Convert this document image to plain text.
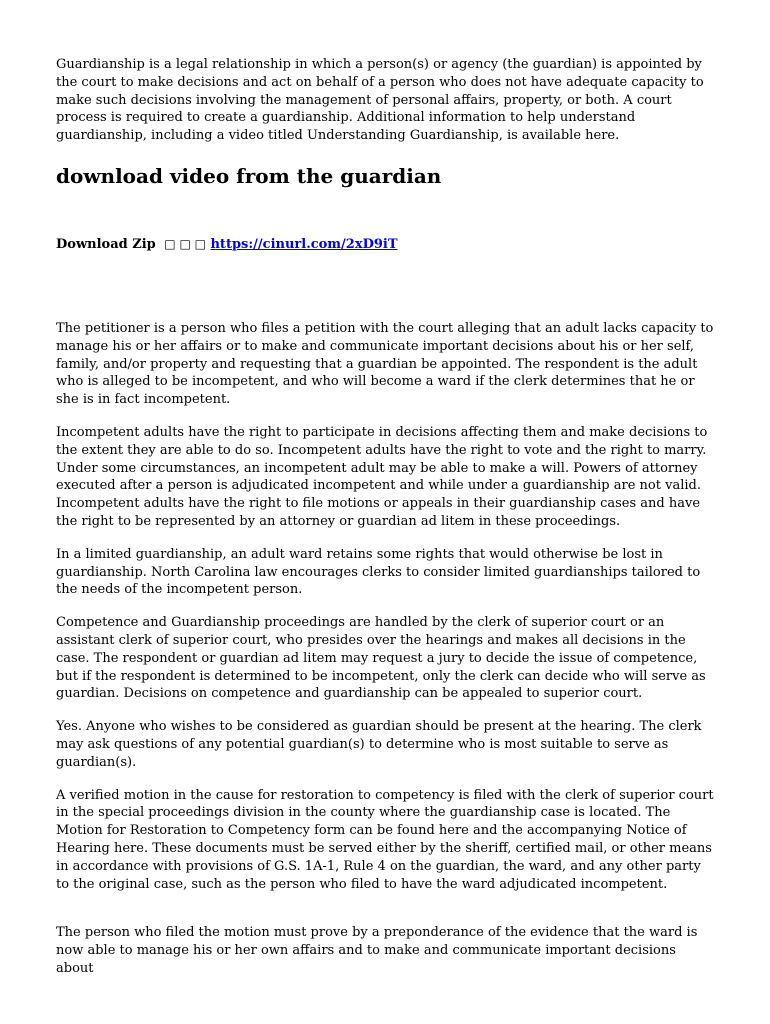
Guardianship is a legal relationship in which a person(s) or agency (the guardian) is appointed by the court to make decisions and act on behalf of a person who does not have adequate capacity to make such decisions involving the management of personal affairs, property, or both. A court process is required to create a guardianship. Additional information to help understand guardianship, including a video titled Understanding Guardianship, is available here.

download video from the guardian
Download Zip □ □ □ https://cinurl.com/2xD9iT

The petitioner is a person who files a petition with the court alleging that an adult lacks capacity to manage his or her affairs or to make and communicate important decisions about his or her self, family, and/or property and requesting that a guardian be appointed. The respondent is the adult who is alleged to be incompetent, and who will become a ward if the clerk determines that he or she is in fact incompetent.

Incompetent adults have the right to participate in decisions affecting them and make decisions to the extent they are able to do so. Incompetent adults have the right to vote and the right to marry. Under some circumstances, an incompetent adult may be able to make a will. Powers of attorney executed after a person is adjudicated incompetent and while under a guardianship are not valid. Incompetent adults have the right to file motions or appeals in their guardianship cases and have the right to be represented by an attorney or guardian ad litem in these proceedings.

In a limited guardianship, an adult ward retains some rights that would otherwise be lost in guardianship. North Carolina law encourages clerks to consider limited guardianships tailored to the needs of the incompetent person.

Competence and Guardianship proceedings are handled by the clerk of superior court or an assistant clerk of superior court, who presides over the hearings and makes all decisions in the case. The respondent or guardian ad litem may request a jury to decide the issue of competence, but if the respondent is determined to be incompetent, only the clerk can decide who will serve as guardian. Decisions on competence and guardianship can be appealed to superior court.

Yes. Anyone who wishes to be considered as guardian should be present at the hearing. The clerk may ask questions of any potential guardian(s) to determine who is most suitable to serve as guardian(s).

A verified motion in the cause for restoration to competency is filed with the clerk of superior court in the special proceedings division in the county where the guardianship case is located. The Motion for Restoration to Competency form can be found here and the accompanying Notice of Hearing here. These documents must be served either by the sheriff, certified mail, or other means in accordance with provisions of G.S. 1A-1, Rule 4 on the guardian, the ward, and any other party to the original case, such as the person who filed to have the ward adjudicated incompetent.

The person who filed the motion must prove by a preponderance of the evidence that the ward is now able to manage his or her own affairs and to make and communicate important decisions about
